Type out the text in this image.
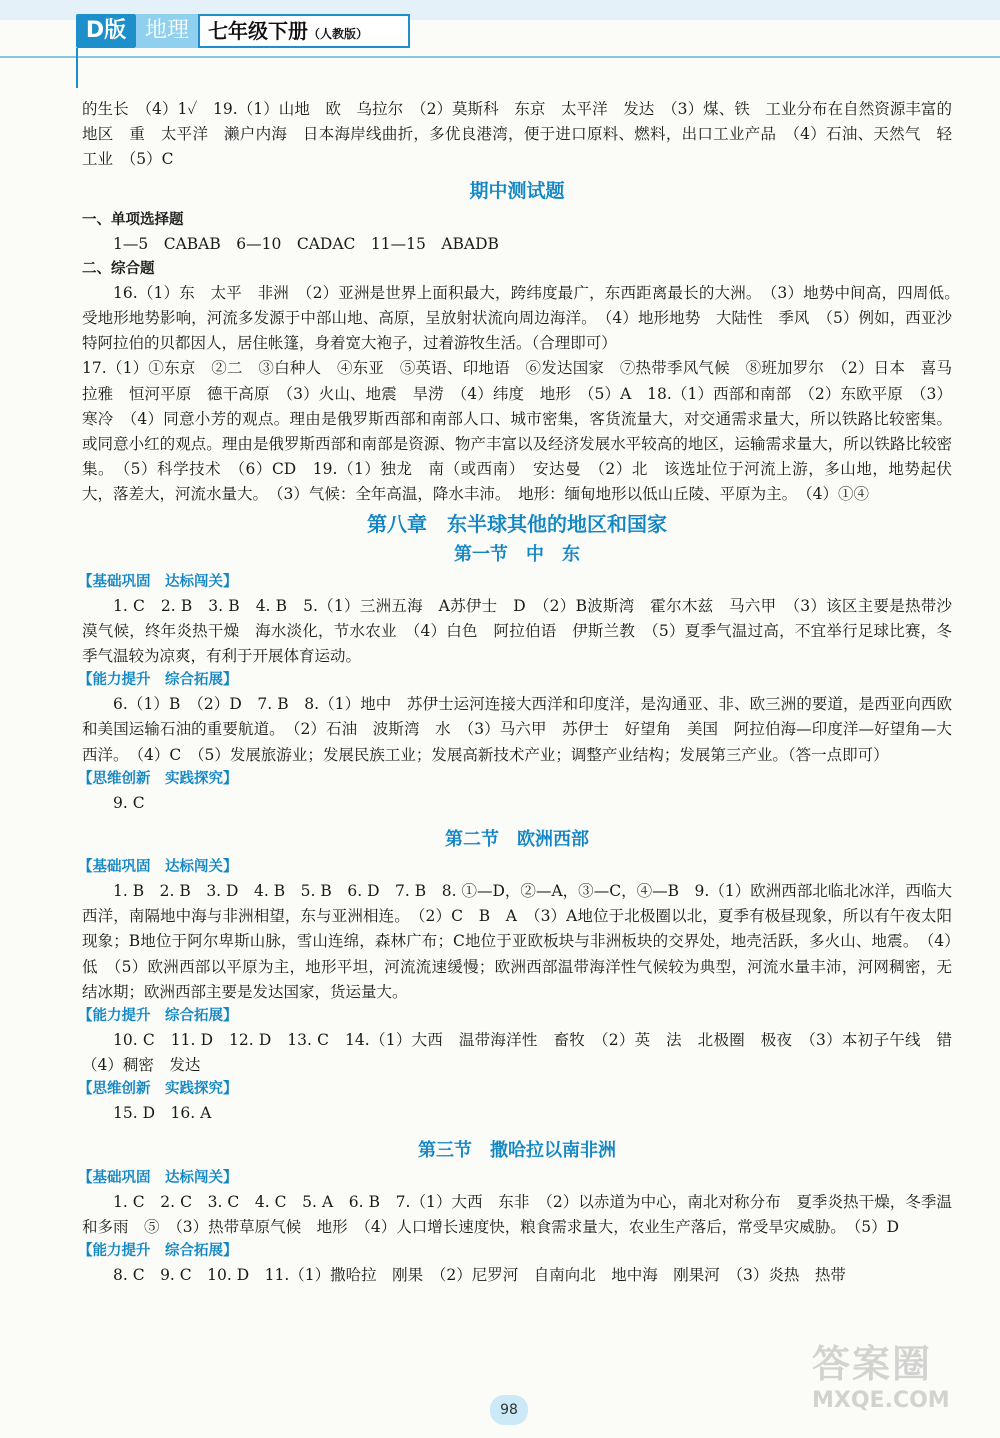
D版 地理 七年级下册（人教版）

的生长　（4）1✓　19.（1）山地　欧　乌拉尔　（2）莫斯科　东京　太平洋　发达　（3）煤、铁　工业分布在自然资源丰富的地区　重　太平洋　濑户内海　日本海岸线曲折，多优良港湾，便于进口原料、燃料，出口工业产品　（4）石油、天然气　轻工业　（5）C

期中测试题
一、单项选择题

1—5　CABAB　6—10　CADAC　11—15　ABADB

二、综合题

16.（1）东　太平　非洲　（2）亚洲是世界上面积最大，跨纬度最广，东西距离最长的大洲。　（3）地势中间高，四周低。　受地形地势影响，河流多发源于中部山地、高原，呈放射状流向周边海洋。　（4）地形地势　大陆性　季风　（5）例如，西亚沙特阿拉伯的贝都因人，居住帐篷，身着宽大袍子，过着游牧生活。（合理即可）

17.（1）①东京　②二　③白种人　④东亚　⑤英语、印地语　⑥发达国家　⑦热带季风气候　⑧班加罗尔　（2）日本　喜马拉雅　恒河平原　德干高原　（3）火山、地震　旱涝　（4）纬度　地形　（5）A　18.（1）西部和南部　（2）东欧平原　（3）寒冷　（4）同意小芳的观点。理由是俄罗斯西部和南部人口、城市密集，客货流量大，对交通需求量大，所以铁路比较密集。或同意小红的观点。理由是俄罗斯西部和南部是资源、物产丰富以及经济发展水平较高的地区，运输需求量大，所以铁路比较密集。　（5）科学技术　（6）CD　19.（1）独龙　南（或西南）　安达曼　（2）北　该选址位于河流上游，多山地，地势起伏大，落差大，河流水量大。　（3）气候：全年高温，降水丰沛。　地形：缅甸地形以低山丘陵、平原为主。　（4）①④

第八章　东半球其他的地区和国家
第一节　中　东
【基础巩固　达标闯关】

1. C　2. B　3. B　4. B　5.（1）三洲五海　A苏伊士　D　（2）B波斯湾　霍尔木兹　马六甲　（3）该区主要是热带沙漠气候，终年炎热干燥　海水淡化，节水农业　（4）白色　阿拉伯语　伊斯兰教　（5）夏季气温过高，不宜举行足球比赛，冬季气温较为凉爽，有利于开展体育运动。

【能力提升　综合拓展】

6.（1）B　（2）D　7. B　8.（1）地中　苏伊士运河连接大西洋和印度洋，是沟通亚、非、欧三洲的要道，是西亚向西欧和美国运输石油的重要航道。　（2）石油　波斯湾　水　（3）马六甲　苏伊士　好望角　美国　阿拉伯海—印度洋—好望角—大西洋。　（4）C　（5）发展旅游业；发展民族工业；发展高新技术产业；调整产业结构；发展第三产业。（答一点即可）

【思维创新　实践探究】

9. C

第二节　欧洲西部
【基础巩固　达标闯关】

1. B　2. B　3. D　4. B　5. B　6. D　7. B　8. ①—D，②—A，③—C，④—B　9.（1）欧洲西部北临北冰洋，西临大西洋，南隔地中海与非洲相望，东与亚洲相连。　（2）C　B　A　（3）A地位于北极圈以北，夏季有极昼现象，所以有午夜太阳现象；B地位于阿尔卑斯山脉，雪山连绵，森林广布；C地位于亚欧板块与非洲板块的交界处，地壳活跃，多火山、地震。　（4）低　（5）欧洲西部以平原为主，地形平坦，河流流速缓慢；欧洲西部温带海洋性气候较为典型，河流水量丰沛，河网稠密，无结冰期；欧洲西部主要是发达国家，货运量大。

【能力提升　综合拓展】

10. C　11. D　12. D　13. C　14.（1）大西　温带海洋性　畜牧　（2）英　法　北极圈　极夜　（3）本初子午线　错　（4）稠密　发达

【思维创新　实践探究】

15. D　16. A

第三节　撒哈拉以南非洲
【基础巩固　达标闯关】

1. C　2. C　3. C　4. C　5. A　6. B　7.（1）大西　东非　（2）以赤道为中心，南北对称分布　夏季炎热干燥，冬季温和多雨　⑤　（3）热带草原气候　地形　（4）人口增长速度快，粮食需求量大，农业生产落后，常受旱灾威胁。　（5）D

【能力提升　综合拓展】

8. C　9. C　10. D　11.（1）撒哈拉　刚果　（2）尼罗河　自南向北　地中海　刚果河　（3）炎热　热带

98
答案圈
MXQE.COM
